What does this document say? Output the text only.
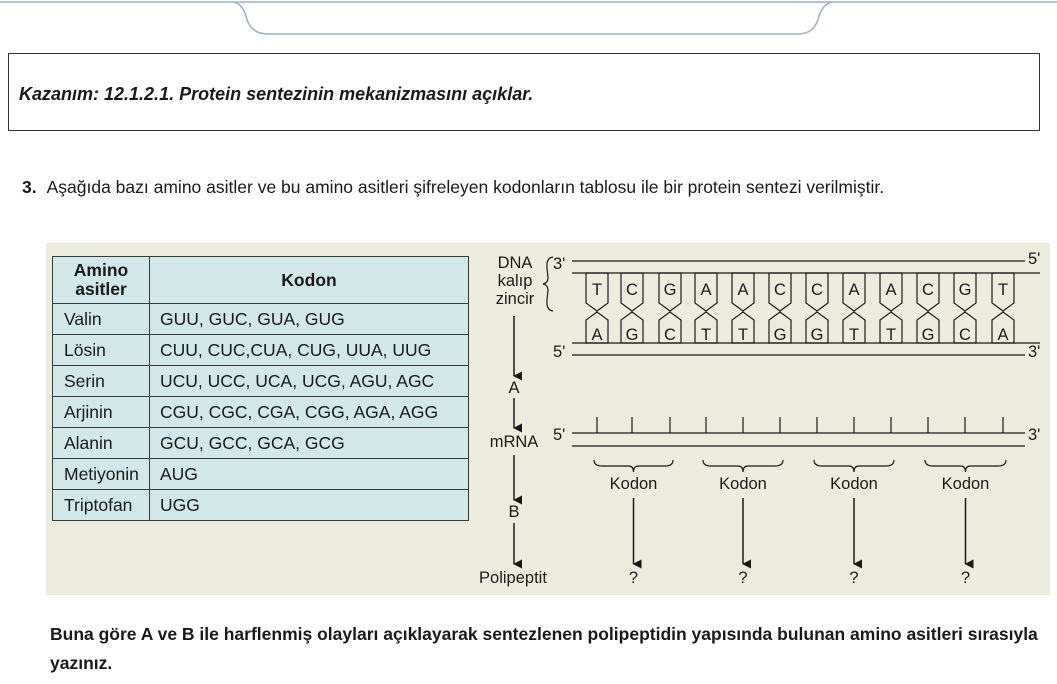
Kazanım: 12.1.2.1. Protein sentezinin mekanizmasını açıklar.
3. Aşağıda bazı amino asitler ve bu amino asitleri şifreleyen kodonların tablosu ile bir protein sentezi verilmiştir.
Amino
asitler	Kodon
Valin	GUU, GUC, GUA, GUG
Lösin	CUU, CUC,CUA, CUG, UUA, UUG
Serin	UCU, UCC, UCA, UCG, AGU, AGC
Arjinin	CGU, CGC, CGA, CGG, AGA, AGG
Alanin	GCU, GCC, GCA, GCG
Metiyonin	AUG
Triptofan	UGG
DNA
kalıp
zincir
A
mRNA
B
Polipeptit
3'	5'
T
A
C
G
G
C
A
T
A
T
C
G
C
G
A
T
A
T
C
G
G
C
T
A
5'	3'
5'	3'
Kodon
?
Kodon
?
Kodon
?
Kodon
?
Buna göre A ve B ile harflenmiş olayları açıklayarak sentezlenen polipeptidin yapısında bulunan amino asitleri sırasıyla yazınız.
